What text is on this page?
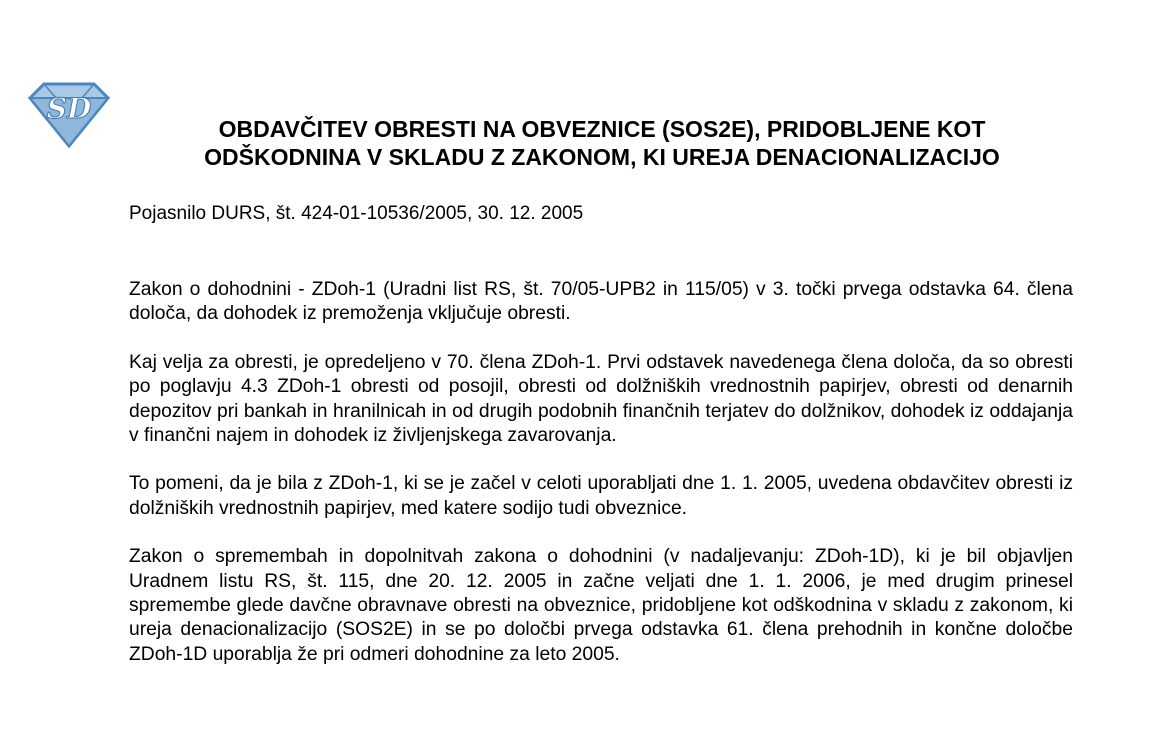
SD
OBDAVČITEV OBRESTI NA OBVEZNICE (SOS2E), PRIDOBLJENE KOT
ODŠKODNINA V SKLADU Z ZAKONOM, KI UREJA DENACIONALIZACIJO

Pojasnilo DURS, št. 424-01-10536/2005, 30. 12. 2005

Zakon o dohodnini - ZDoh-1 (Uradni list RS, št. 70/05-UPB2 in 115/05) v 3. točki prvega odstavka 64. člena določa, da dohodek iz premoženja vključuje obresti.

Kaj velja za obresti, je opredeljeno v 70. člena ZDoh-1. Prvi odstavek navedenega člena določa, da so obresti po poglavju 4.3 ZDoh-1 obresti od posojil, obresti od dolžniških vrednostnih papirjev, obresti od denarnih depozitov pri bankah in hranilnicah in od drugih podobnih finančnih terjatev do dolžnikov, dohodek iz oddajanja v finančni najem in dohodek iz življenjskega zavarovanja.

To pomeni, da je bila z ZDoh-1, ki se je začel v celoti uporabljati dne 1. 1. 2005, uvedena obdavčitev obresti iz dolžniških vrednostnih papirjev, med katere sodijo tudi obveznice.

Zakon o spremembah in dopolnitvah zakona o dohodnini (v nadaljevanju: ZDoh-1D), ki je bil objavljen Uradnem listu RS, št. 115, dne 20. 12. 2005 in začne veljati dne 1. 1. 2006, je med drugim prinesel spremembe glede davčne obravnave obresti na obveznice, pridobljene kot odškodnina v skladu z zakonom, ki ureja denacionalizacijo (SOS2E) in se po določbi prvega odstavka 61. člena prehodnih in končne določbe ZDoh-1D uporablja že pri odmeri dohodnine za leto 2005.
